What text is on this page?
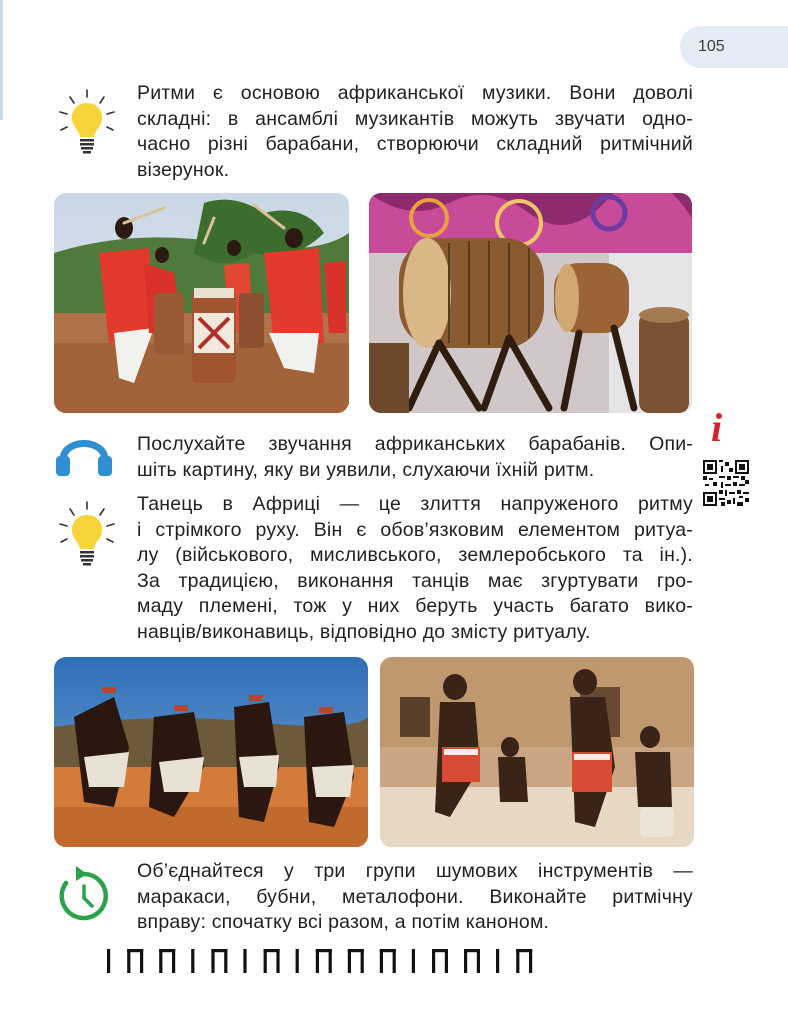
105
Ритми є основою африканської музики. Вони доволі
складні: в ансамблі музикантів можуть звучати одно-
часно різні барабани, створюючи складний ритмічний
візерунок.
Послухайте звучання африканських барабанів. Опи-
шіть картину, яку ви уявили, слухаючи їхній ритм.
i
Танець в Африці — це злиття напруженого ритму
і стрімкого руху. Він є обов’язковим елементом ритуа-
лу (військового, мисливського, землеробського та ін.).
За традицією, виконання танців має згуртувати гро-
маду племені, тож у них беруть участь багато вико-
навців/виконавиць, відповідно до змісту ритуалу.
Об’єднайтеся у три групи шумових інструментів —
маракаси, бубни, металофони. Виконайте ритмічну
вправу: спочатку всі разом, а потім каноном.
